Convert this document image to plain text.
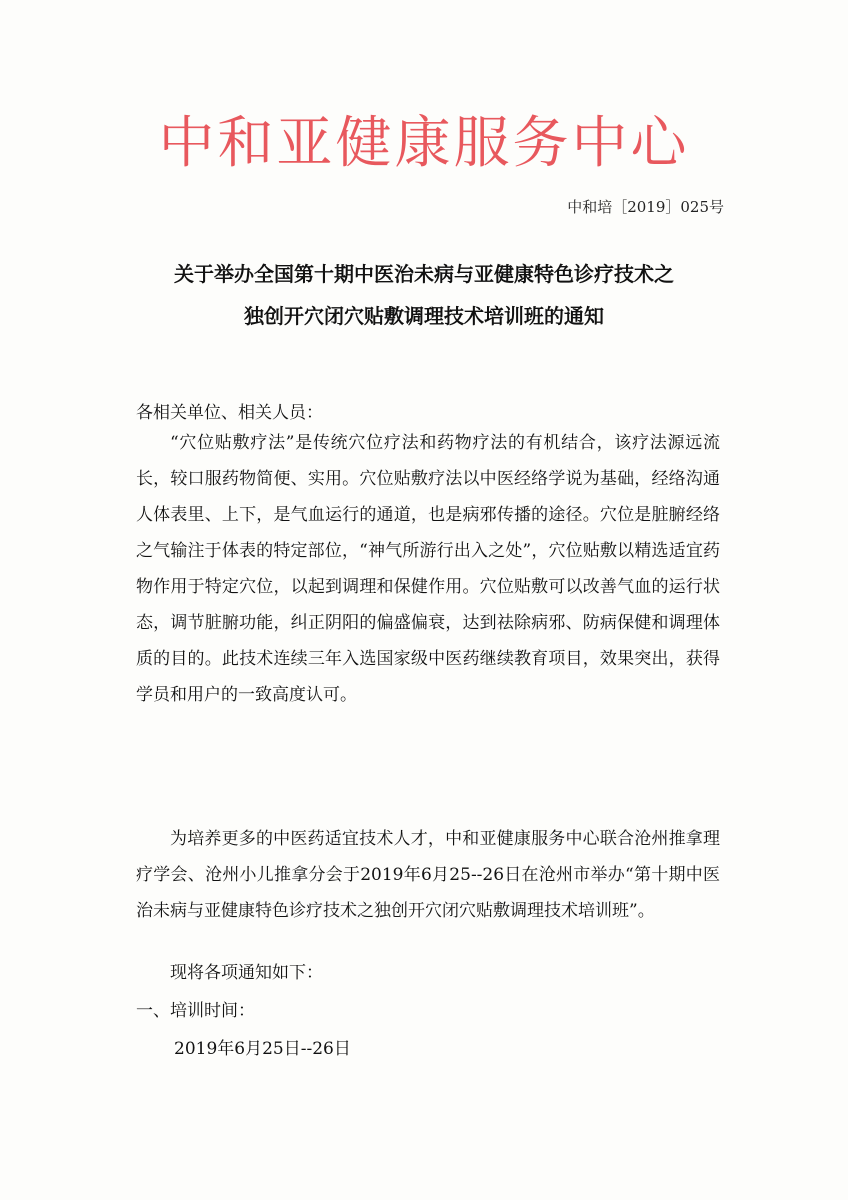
中和亚健康服务中心
中和培［2019］025号
关于举办全国第十期中医治未病与亚健康特色诊疗技术之
独创开穴闭穴贴敷调理技术培训班的通知
各相关单位、相关人员：
“穴位贴敷疗法”是传统穴位疗法和药物疗法的有机结合，该疗法源远流长，较口服药物简便、实用。穴位贴敷疗法以中医经络学说为基础，经络沟通人体表里、上下，是气血运行的通道，也是病邪传播的途径。穴位是脏腑经络之气输注于体表的特定部位，“神气所游行出入之处”，穴位贴敷以精选适宜药物作用于特定穴位，以起到调理和保健作用。穴位贴敷可以改善气血的运行状态，调节脏腑功能，纠正阴阳的偏盛偏衰，达到祛除病邪、防病保健和调理体质的目的。此技术连续三年入选国家级中医药继续教育项目，效果突出，获得学员和用户的一致高度认可。
为培养更多的中医药适宜技术人才，中和亚健康服务中心联合沧州推拿理疗学会、沧州小儿推拿分会于2019年6月25--26日在沧州市举办“第十期中医治未病与亚健康特色诊疗技术之独创开穴闭穴贴敷调理技术培训班”。
现将各项通知如下：
一、培训时间：
2019年6月25日--26日
